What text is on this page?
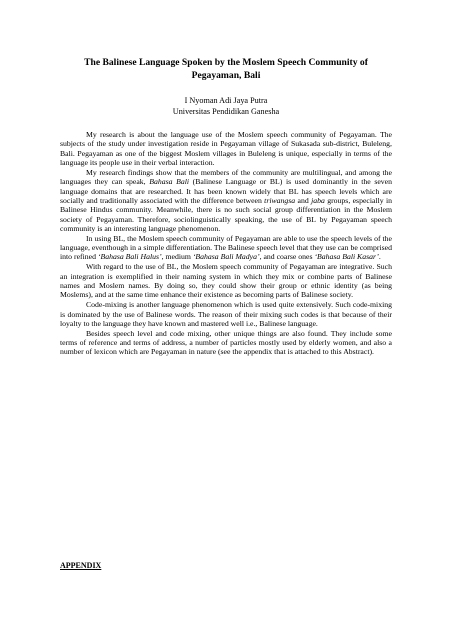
The Balinese Language Spoken by the Moslem Speech Community of Pegayaman, Bali
I Nyoman Adi Jaya Putra
Universitas Pendidikan Ganesha

My research is about the language use of the Moslem speech community of Pegayaman. The subjects of the study under investigation reside in Pegayaman village of Sukasada sub-district, Buleleng, Bali. Pegayaman as one of the biggest Moslem villages in Buleleng is unique, especially in terms of the language its people use in their verbal interaction.

My research findings show that the members of the community are multilingual, and among the languages they can speak, Bahasa Bali (Balinese Language or BL) is used dominantly in the seven language domains that are researched. It has been known widely that BL has speech levels which are socially and traditionally associated with the difference between triwangsa and jaba groups, especially in Balinese Hindus community. Meanwhile, there is no such social group differentiation in the Moslem society of Pegayaman. Therefore, sociolinguistically speaking, the use of BL by Pegayaman speech community is an interesting language phenomenon.

In using BL, the Moslem speech community of Pegayaman are able to use the speech levels of the language, eventhough in a simple differentiation. The Balinese speech level that they use can be comprised into refined ‘Bahasa Bali Halus’, medium ‘Bahasa Bali Madya’, and coarse ones ‘Bahasa Bali Kasar’.

With regard to the use of BL, the Moslem speech community of Pegayaman are integrative. Such an integration is exemplified in their naming system in which they mix or combine parts of Balinese names and Moslem names. By doing so, they could show their group or ethnic identity (as being Moslems), and at the same time enhance their existence as becoming parts of Balinese society.

Code-mixing is another language phenomenon which is used quite extensively. Such code-mixing is dominated by the use of Balinese words. The reason of their mixing such codes is that because of their loyalty to the language they have known and mastered well i.e., Balinese language.

Besides speech level and code mixing, other unique things are also found. They include some terms of reference and terms of address, a number of particles mostly used by elderly women, and also a number of lexicon which are Pegayaman in nature (see the appendix that is attached to this Abstract).

APPENDIX
